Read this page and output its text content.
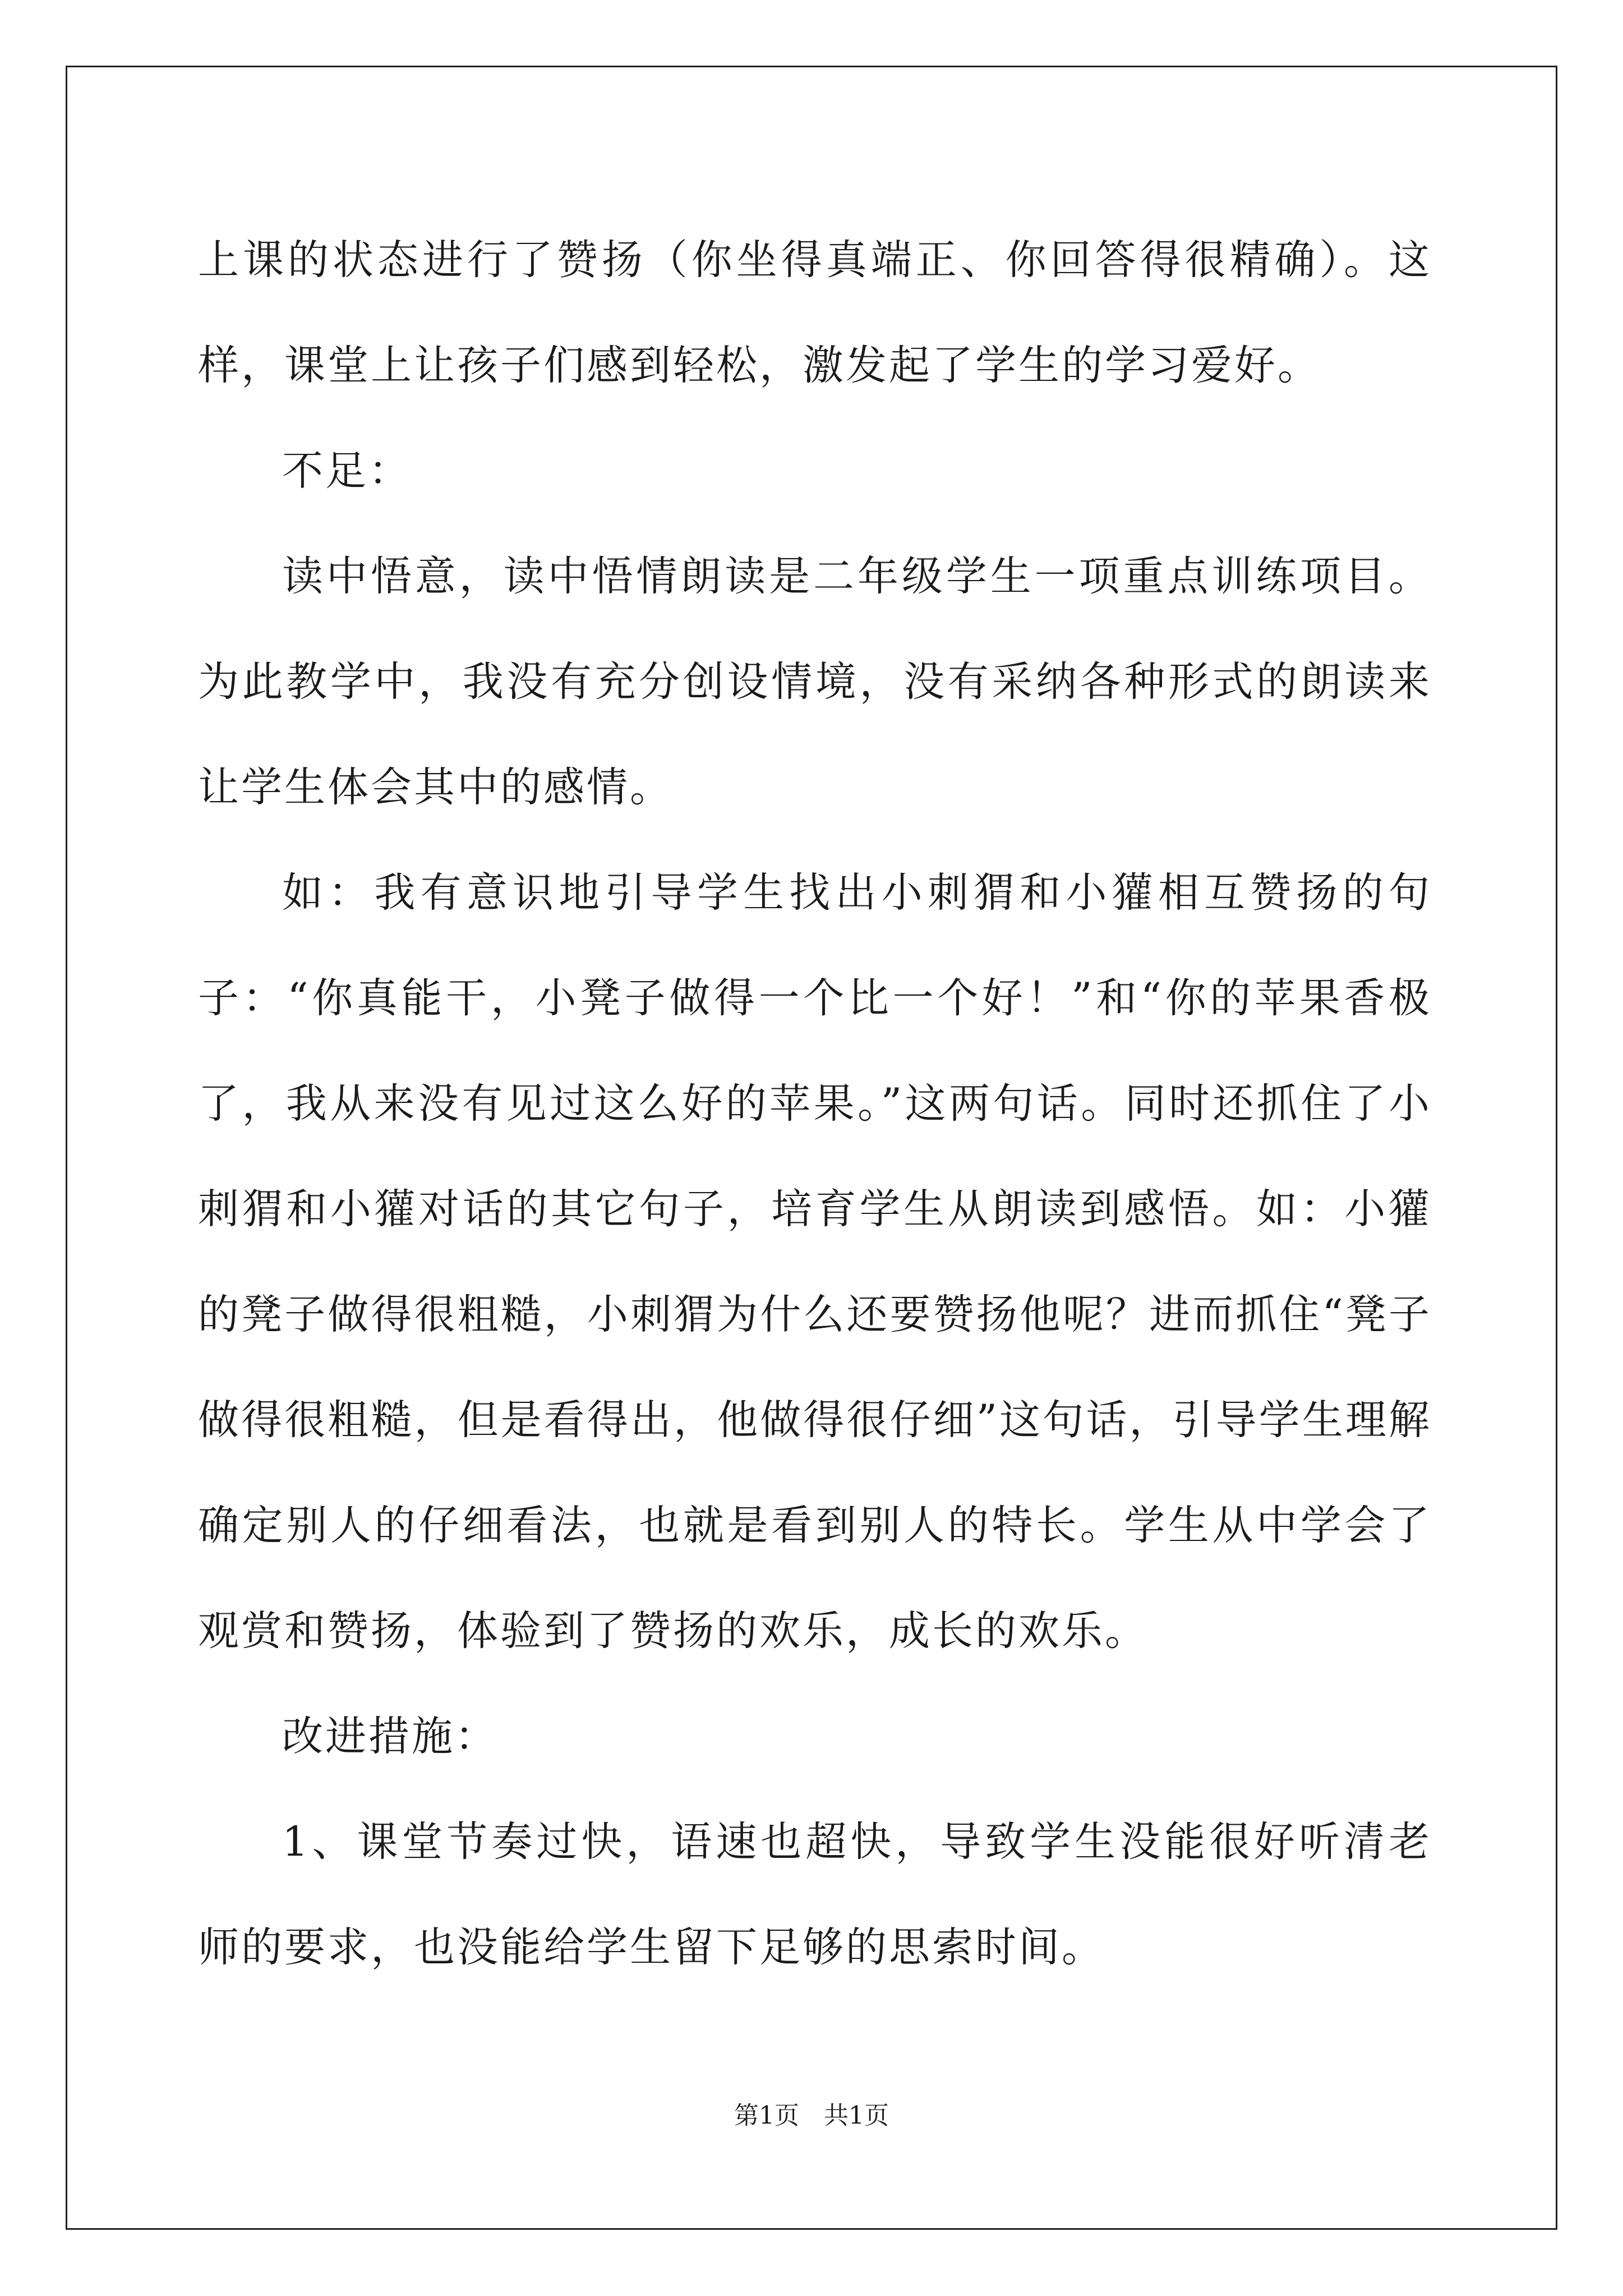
上课的状态进行了赞扬（你坐得真端正、你回答得很精确）。这样，课堂上让孩子们感到轻松，激发起了学生的学习爱好。

不足：

读中悟意，读中悟情朗读是二年级学生一项重点训练项目。为此教学中，我没有充分创设情境，没有采纳各种形式的朗读来让学生体会其中的感情。

如：我有意识地引导学生找出小刺猬和小獾相互赞扬的句子：“你真能干，小凳子做得一个比一个好！”和“你的苹果香极了，我从来没有见过这么好的苹果。”这两句话。同时还抓住了小刺猬和小獾对话的其它句子，培育学生从朗读到感悟。如：小獾的凳子做得很粗糙，小刺猬为什么还要赞扬他呢？进而抓住“凳子做得很粗糙，但是看得出，他做得很仔细”这句话，引导学生理解确定别人的仔细看法，也就是看到别人的特长。学生从中学会了观赏和赞扬，体验到了赞扬的欢乐，成长的欢乐。

改进措施：

1、课堂节奏过快，语速也超快，导致学生没能很好听清老师的要求，也没能给学生留下足够的思索时间。

第1页 共1页
